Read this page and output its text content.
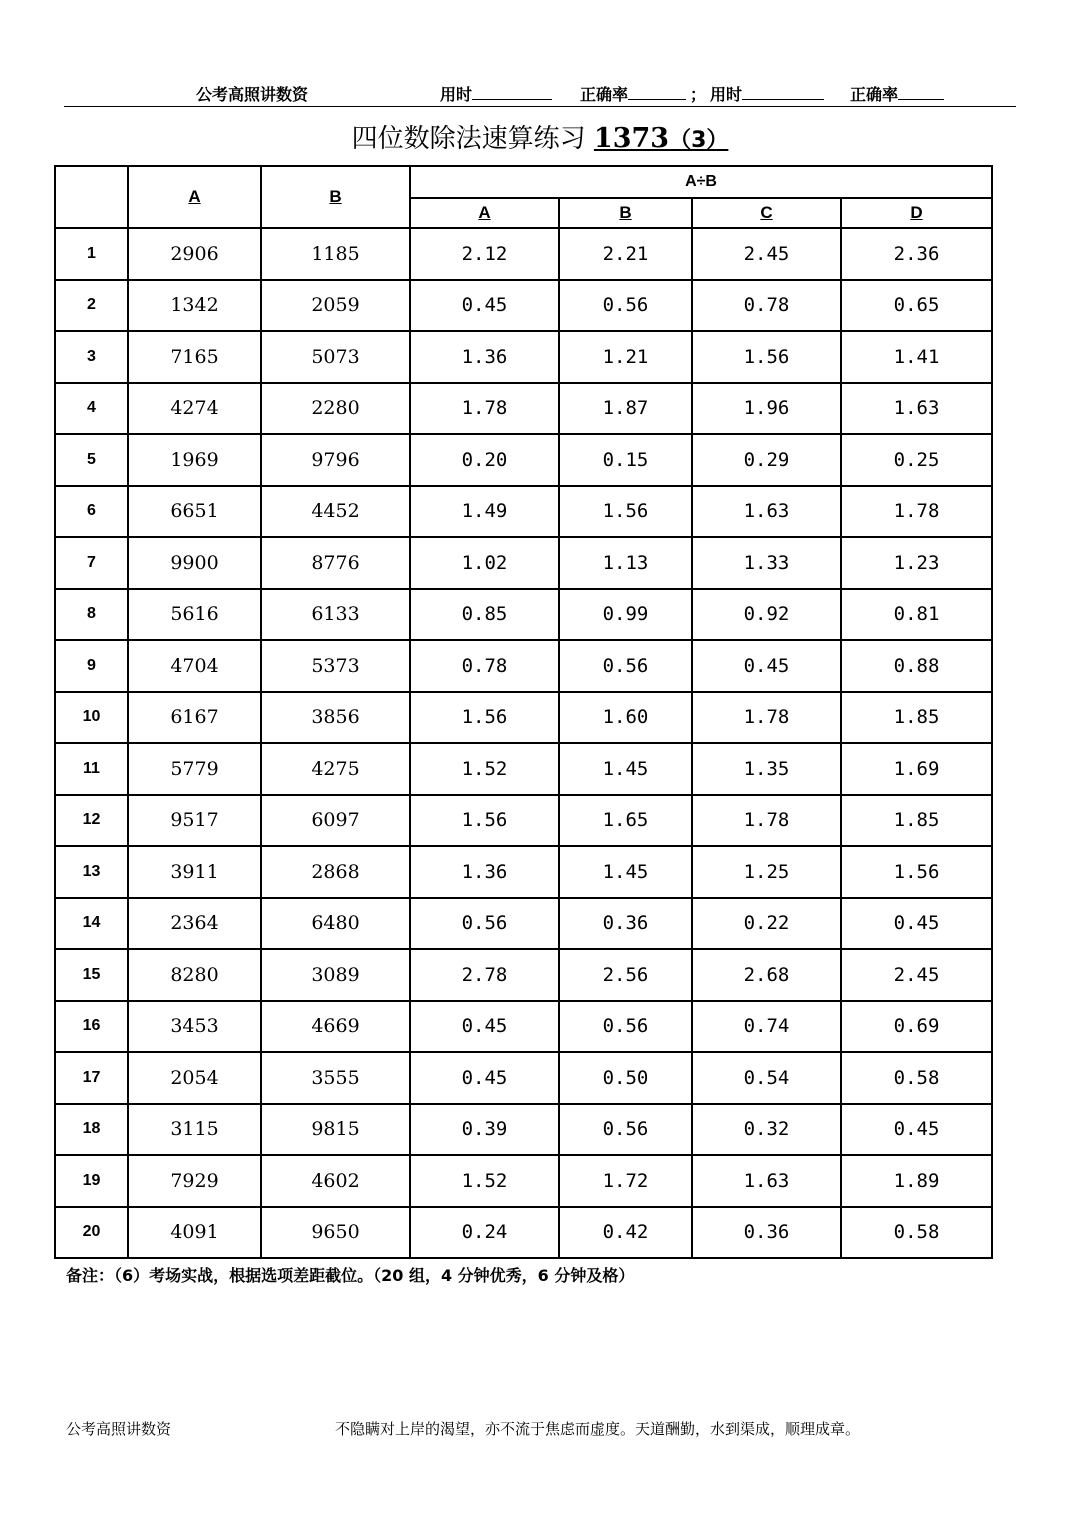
公考高照讲数资	用时	正确率	； 用时	正确率
四位数除法速算练习 1373（3）
	A	B	A÷B			
			A	B	C	D
1	2906	1185	2.12	2.21	2.45	2.36
2	1342	2059	0.45	0.56	0.78	0.65
3	7165	5073	1.36	1.21	1.56	1.41
4	4274	2280	1.78	1.87	1.96	1.63
5	1969	9796	0.20	0.15	0.29	0.25
6	6651	4452	1.49	1.56	1.63	1.78
7	9900	8776	1.02	1.13	1.33	1.23
8	5616	6133	0.85	0.99	0.92	0.81
9	4704	5373	0.78	0.56	0.45	0.88
10	6167	3856	1.56	1.60	1.78	1.85
11	5779	4275	1.52	1.45	1.35	1.69
12	9517	6097	1.56	1.65	1.78	1.85
13	3911	2868	1.36	1.45	1.25	1.56
14	2364	6480	0.56	0.36	0.22	0.45
15	8280	3089	2.78	2.56	2.68	2.45
16	3453	4669	0.45	0.56	0.74	0.69
17	2054	3555	0.45	0.50	0.54	0.58
18	3115	9815	0.39	0.56	0.32	0.45
19	7929	4602	1.52	1.72	1.63	1.89
20	4091	9650	0.24	0.42	0.36	0.58
备注：（6）考场实战，根据选项差距截位。（20 组，4 分钟优秀，6 分钟及格）
公考高照讲数资	不隐瞒对上岸的渴望，亦不流于焦虑而虚度。天道酬勤，水到渠成，顺理成章。
